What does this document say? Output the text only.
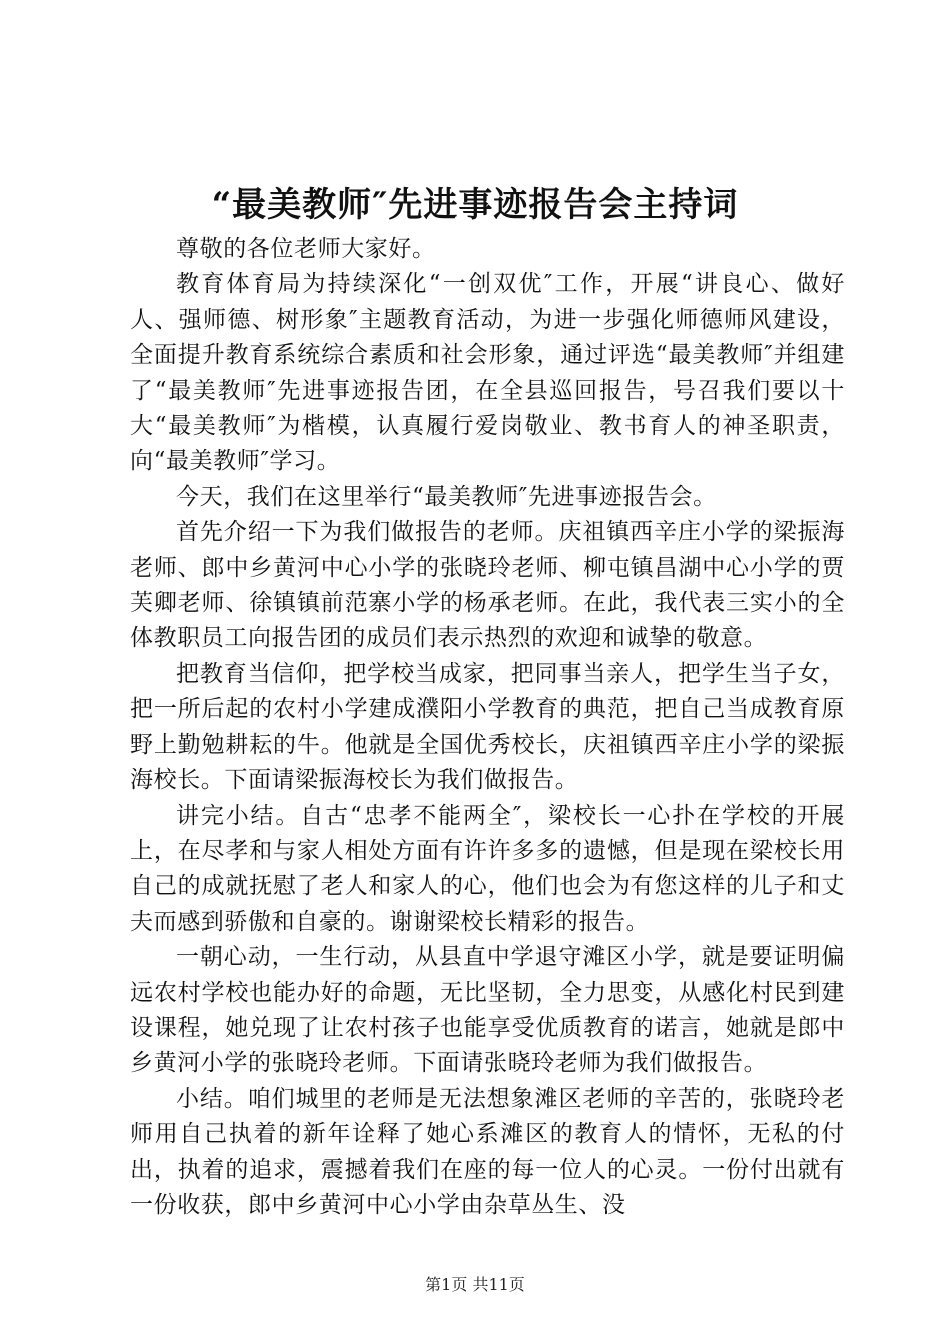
“最美教师″先进事迹报告会主持词

尊敬的各位老师大家好。

教育体育局为持续深化“一创双优″工作，开展“讲良心、做好人、强师德、树形象″主题教育活动，为进一步强化师德师风建设，全面提升教育系统综合素质和社会形象，通过评选“最美教师″并组建了“最美教师″先进事迹报告团，在全县巡回报告，号召我们要以十大“最美教师″为楷模，认真履行爱岗敬业、教书育人的神圣职责，向“最美教师″学习。

今天，我们在这里举行“最美教师″先进事迹报告会。

首先介绍一下为我们做报告的老师。庆祖镇西辛庄小学的梁振海老师、郎中乡黄河中心小学的张晓玲老师、柳屯镇昌湖中心小学的贾芙卿老师、徐镇镇前范寨小学的杨承老师。在此，我代表三实小的全体教职员工向报告团的成员们表示热烈的欢迎和诚挚的敬意。

把教育当信仰，把学校当成家，把同事当亲人，把学生当子女，把一所后起的农村小学建成濮阳小学教育的典范，把自己当成教育原野上勤勉耕耘的牛。他就是全国优秀校长，庆祖镇西辛庄小学的梁振海校长。下面请梁振海校长为我们做报告。

讲完小结。自古“忠孝不能两全″，梁校长一心扑在学校的开展上，在尽孝和与家人相处方面有许许多多的遗憾，但是现在梁校长用自己的成就抚慰了老人和家人的心，他们也会为有您这样的儿子和丈夫而感到骄傲和自豪的。谢谢梁校长精彩的报告。

一朝心动，一生行动，从县直中学退守滩区小学，就是要证明偏远农村学校也能办好的命题，无比坚韧，全力思变，从感化村民到建设课程，她兑现了让农村孩子也能享受优质教育的诺言，她就是郎中乡黄河小学的张晓玲老师。下面请张晓玲老师为我们做报告。

小结。咱们城里的老师是无法想象滩区老师的辛苦的，张晓玲老师用自己执着的新年诠释了她心系滩区的教育人的情怀，无私的付出，执着的追求，震撼着我们在座的每一位人的心灵。一份付出就有一份收获，郎中乡黄河中心小学由杂草丛生、没

第1页 共11页
